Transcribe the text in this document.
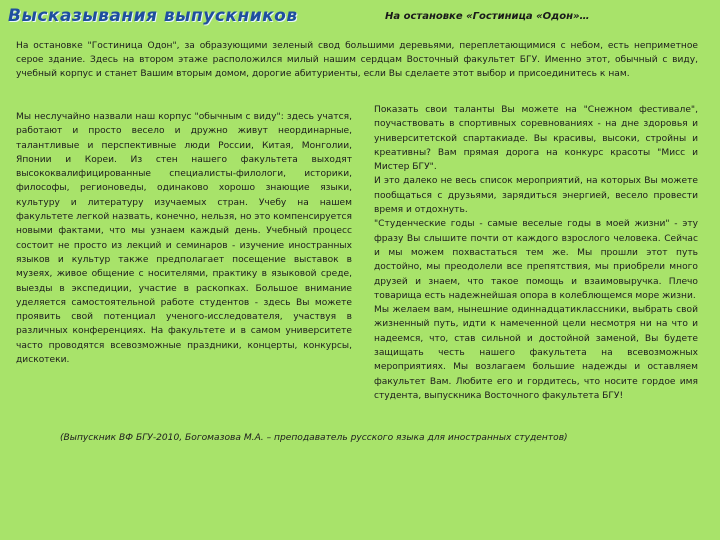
Высказывания выпускников	На остановке «Гостиница «Одон»…
На остановке "Гостиница Одон", за образующими зеленый свод большими деревьями, переплетающимися с небом, есть неприметное серое здание. Здесь на втором этаже расположился милый нашим сердцам Восточный факультет БГУ. Именно этот, обычный с виду, учебный корпус и станет Вашим вторым домом, дорогие абитуриенты, если Вы сделаете этот выбор и присоединитесь к нам.
Мы неслучайно назвали наш корпус "обычным с виду": здесь учатся, работают и просто весело и дружно живут неординарные, талантливые и перспективные люди России, Китая, Монголии, Японии и Кореи. Из стен нашего факультета выходят высококвалифицированные специалисты-филологи, историки, философы, регионоведы, одинаково хорошо знающие языки, культуру и литературу изучаемых стран. Учебу на нашем факультете легкой назвать, конечно, нельзя, но это компенсируется новыми фактами, что мы узнаем каждый день. Учебный процесс состоит не просто из лекций и семинаров - изучение иностранных языков и культур также предполагает посещение выставок в музеях, живое общение с носителями, практику в языковой среде, выезды в экспедиции, участие в раскопках. Большое внимание уделяется самостоятельной работе студентов - здесь Вы можете проявить свой потенциал ученого-исследователя, участвуя в различных конференциях. На факультете и в самом университете часто проводятся всевозможные праздники, концерты, конкурсы, дискотеки.

Показать свои таланты Вы можете на "Снежном фестивале", поучаствовать в спортивных соревнованиях - на дне здоровья и университетской спартакиаде. Вы красивы, высоки, стройны и креативны? Вам прямая дорога на конкурс красоты "Мисс и Мистер БГУ".

И это далеко не весь список мероприятий, на которых Вы можете пообщаться с друзьями, зарядиться энергией, весело провести время и отдохнуть.

"Студенческие годы - самые веселые годы в моей жизни" - эту фразу Вы слышите почти от каждого взрослого человека. Сейчас и мы можем похвастаться тем же. Мы прошли этот путь достойно, мы преодолели все препятствия, мы приобрели много друзей и знаем, что такое помощь и взаимовыручка. Плечо товарища есть надежнейшая опора в колеблющемся море жизни.

Мы желаем вам, нынешние одиннадцатиклассники, выбрать свой жизненный путь, идти к намеченной цели несмотря ни на что и надеемся, что, став сильной и достойной заменой, Вы будете защищать честь нашего факультета на всевозможных мероприятиях. Мы возлагаем большие надежды и оставляем факультет Вам. Любите его и гордитесь, что носите гордое имя студента, выпускника Восточного факультета БГУ!

(Выпускник ВФ БГУ-2010, Богомазова М.А. – преподаватель русского языка для иностранных студентов)
